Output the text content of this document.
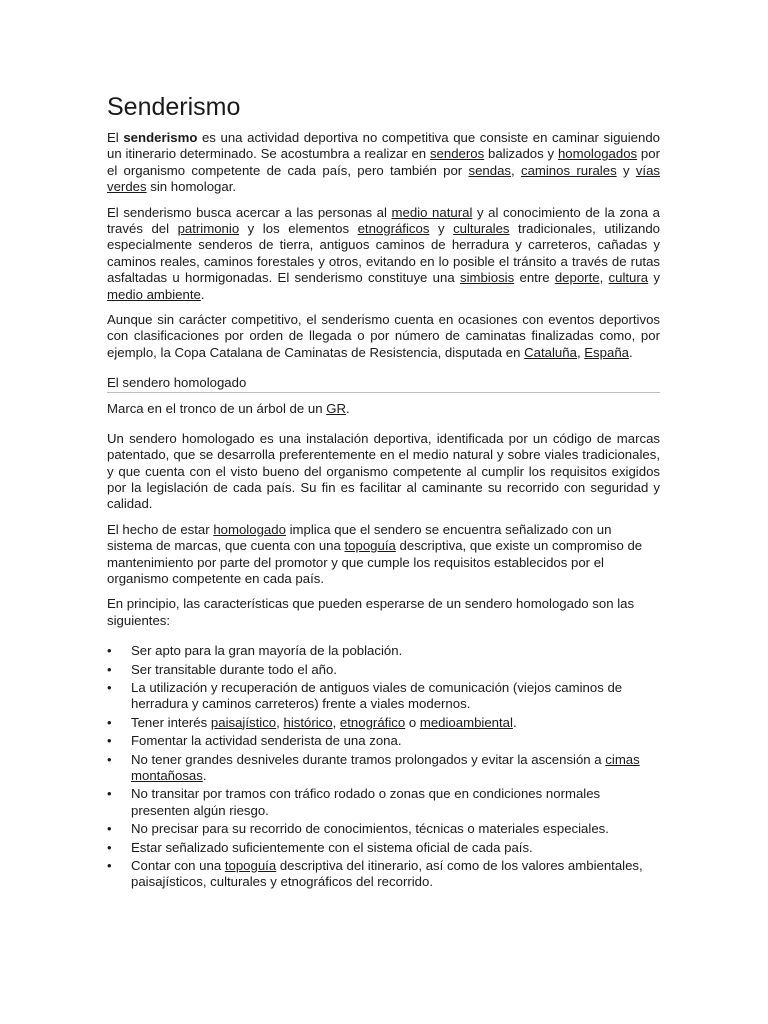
Senderismo

El senderismo es una actividad deportiva no competitiva que consiste en caminar siguiendo un itinerario determinado. Se acostumbra a realizar en senderos balizados y homologados por el organismo competente de cada país, pero también por sendas, caminos rurales y vías verdes sin homologar.

El senderismo busca acercar a las personas al medio natural y al conocimiento de la zona a través del patrimonio y los elementos etnográficos y culturales tradicionales, utilizando especialmente senderos de tierra, antiguos caminos de herradura y carreteros, cañadas y caminos reales, caminos forestales y otros, evitando en lo posible el tránsito a través de rutas asfaltadas u hormigonadas. El senderismo constituye una simbiosis entre deporte, cultura y medio ambiente.

Aunque sin carácter competitivo, el senderismo cuenta en ocasiones con eventos deportivos con clasificaciones por orden de llegada o por número de caminatas finalizadas como, por ejemplo, la Copa Catalana de Caminatas de Resistencia, disputada en Cataluña, España.

El sendero homologado

Marca en el tronco de un árbol de un GR.

Un sendero homologado es una instalación deportiva, identificada por un código de marcas patentado, que se desarrolla preferentemente en el medio natural y sobre viales tradicionales, y que cuenta con el visto bueno del organismo competente al cumplir los requisitos exigidos por la legislación de cada país. Su fin es facilitar al caminante su recorrido con seguridad y calidad.

El hecho de estar homologado implica que el sendero se encuentra señalizado con un sistema de marcas, que cuenta con una topoguía descriptiva, que existe un compromiso de mantenimiento por parte del promotor y que cumple los requisitos establecidos por el organismo competente en cada país.

En principio, las características que pueden esperarse de un sendero homologado son las siguientes:

•	Ser apto para la gran mayoría de la población.
•	Ser transitable durante todo el año.
•	La utilización y recuperación de antiguos viales de comunicación (viejos caminos de herradura y caminos carreteros) frente a viales modernos.
•	Tener interés paisajístico, histórico, etnográfico o medioambiental.
•	Fomentar la actividad senderista de una zona.
•	No tener grandes desniveles durante tramos prolongados y evitar la ascensión a cimas montañosas.
•	No transitar por tramos con tráfico rodado o zonas que en condiciones normales presenten algún riesgo.
•	No precisar para su recorrido de conocimientos, técnicas o materiales especiales.
•	Estar señalizado suficientemente con el sistema oficial de cada país.
•	Contar con una topoguía descriptiva del itinerario, así como de los valores ambientales, paisajísticos, culturales y etnográficos del recorrido.
